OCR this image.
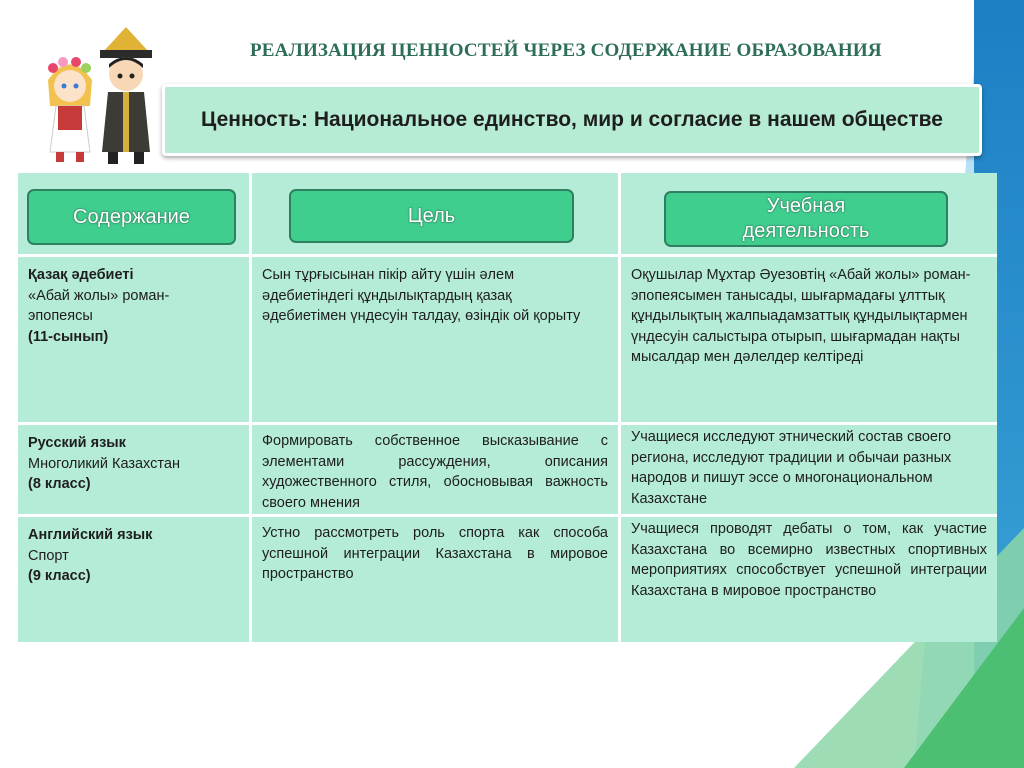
РЕАЛИЗАЦИЯ ЦЕННОСТЕЙ ЧЕРЕЗ СОДЕРЖАНИЕ ОБРАЗОВАНИЯ
Ценность: Национальное единство, мир и согласие в нашем обществе
Содержание	Цель	Учебная деятельность
Қазақ әдебиеті
«Абай жолы» роман-эпопеясы
(11-сынып)
Сын тұрғысынан пікір айту үшін әлем әдебиетіндегі құндылықтардың қазақ әдебиетімен үндесуін талдау, өзіндік ой қорыту
Оқушылар Мұхтар Әуезовтің «Абай жолы» роман-эпопеясымен танысады, шығармадағы ұлттық құндылықтың жалпыадамзаттық құндылықтармен үндесуін салыстыра отырып, шығармадан нақты мысалдар мен дәлелдер келтіреді
Русский язык
Многоликий Казахстан
(8 класс)
Формировать собственное высказывание с элементами рассуждения, описания художественного стиля, обосновывая важность своего мнения
Учащиеся исследуют этнический состав своего региона, исследуют традиции и обычаи разных народов и пишут эссе о многонациональном Казахстане
Английский язык
Спорт
(9 класс)
Устно рассмотреть роль спорта как способа успешной интеграции Казахстана в мировое пространство
Учащиеся проводят дебаты о том, как участие Казахстана во всемирно известных спортивных мероприятиях способствует успешной интеграции Казахстана в мировое пространство
